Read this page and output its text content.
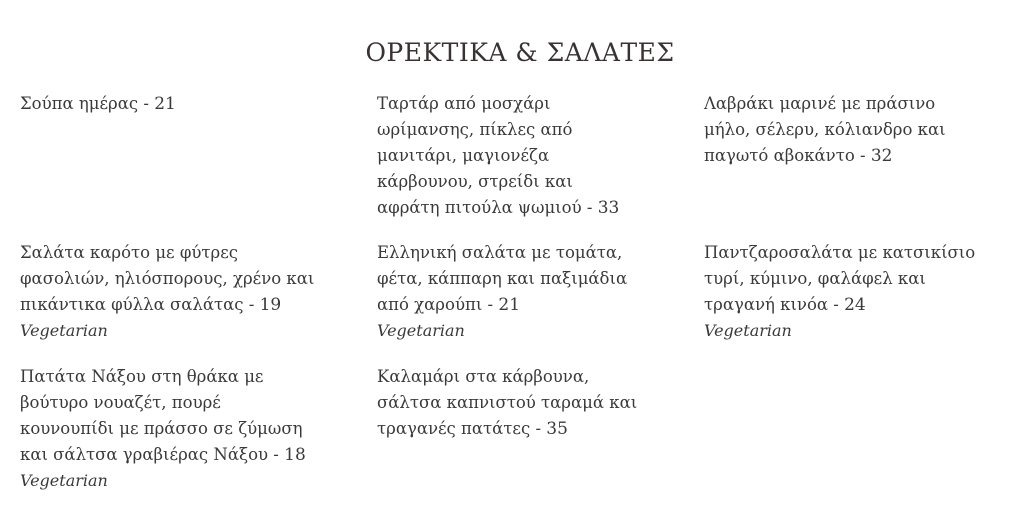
ΟΡΕΚΤΙΚΑ & ΣΑΛΑΤΕΣ
Σούπα ημέρας - 21	Ταρτάρ από μοσχάρι ωρίμανσης, πίκλες από μανιτάρι, μαγιονέζα κάρβουνου, στρείδι και αφράτη πιτούλα ψωμιού - 33
Λαβράκι μαρινέ με πράσινο μήλο, σέλερυ, κόλιανδρο και παγωτό αβοκάντο - 32
Σαλάτα καρότο με φύτρες φασολιών, ηλιόσπορους, χρένο και πικάντικα φύλλα σαλάτας - 19
Vegetarian
Ελληνική σαλάτα με τομάτα, φέτα, κάππαρη και παξιμάδια από χαρούπι - 21
Vegetarian
Παντζαροσαλάτα με κατσικίσιο τυρί, κύμινο, φαλάφελ και τραγανή κινόα - 24
Vegetarian
Πατάτα Νάξου στη θράκα με βούτυρο νουαζέτ, πουρέ κουνουπίδι με πράσσο σε ζύμωση και σάλτσα γραβιέρας Νάξου - 18
Vegetarian
Καλαμάρι στα κάρβουνα, σάλτσα καπνιστού ταραμά και τραγανές πατάτες - 35
